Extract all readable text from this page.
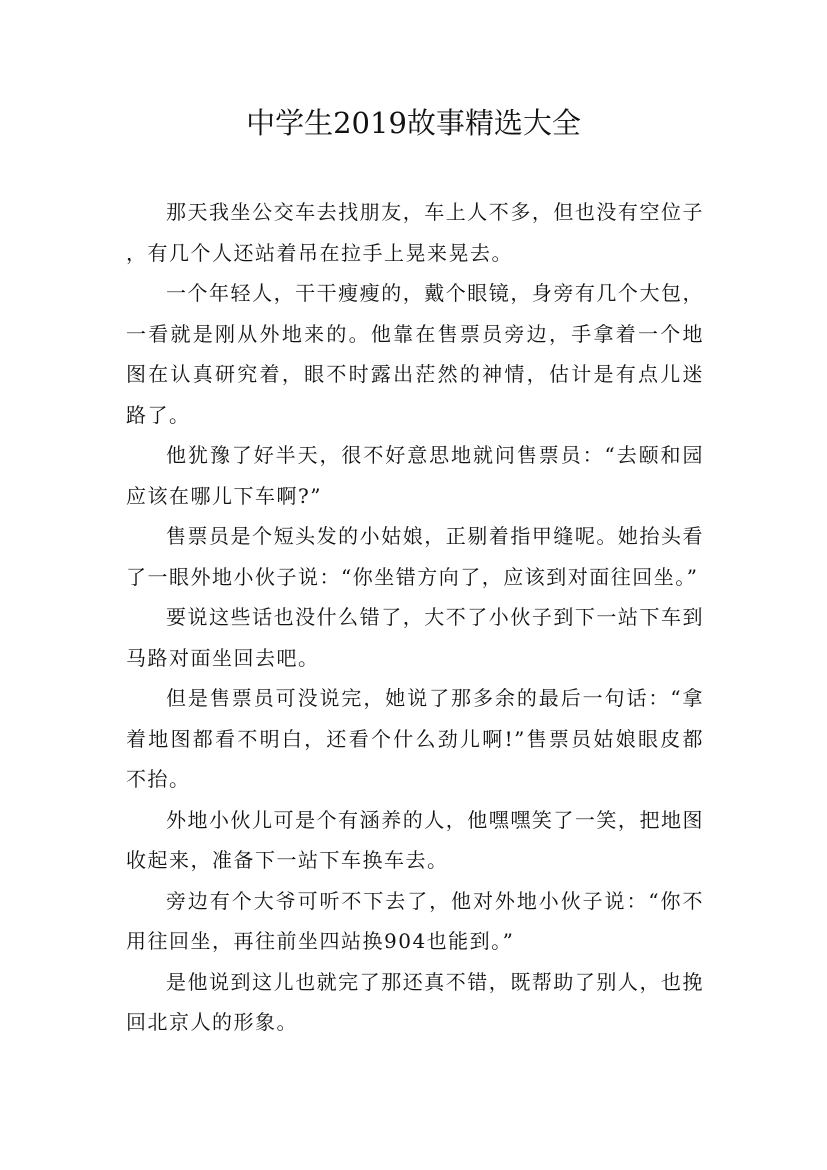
中学生2019故事精选大全

那天我坐公交车去找朋友，车上人不多，但也没有空位子，有几个人还站着吊在拉手上晃来晃去。

一个年轻人，干干瘦瘦的，戴个眼镜，身旁有几个大包，一看就是刚从外地来的。他靠在售票员旁边，手拿着一个地图在认真研究着，眼不时露出茫然的神情，估计是有点儿迷路了。

他犹豫了好半天，很不好意思地就问售票员：“去颐和园应该在哪儿下车啊?”

售票员是个短头发的小姑娘，正剔着指甲缝呢。她抬头看了一眼外地小伙子说：“你坐错方向了，应该到对面往回坐。”

要说这些话也没什么错了，大不了小伙子到下一站下车到马路对面坐回去吧。

但是售票员可没说完，她说了那多余的最后一句话：“拿着地图都看不明白，还看个什么劲儿啊!”售票员姑娘眼皮都不抬。

外地小伙儿可是个有涵养的人，他嘿嘿笑了一笑，把地图收起来，准备下一站下车换车去。

旁边有个大爷可听不下去了，他对外地小伙子说：“你不用往回坐，再往前坐四站换904也能到。”

是他说到这儿也就完了那还真不错，既帮助了别人，也挽回北京人的形象。
